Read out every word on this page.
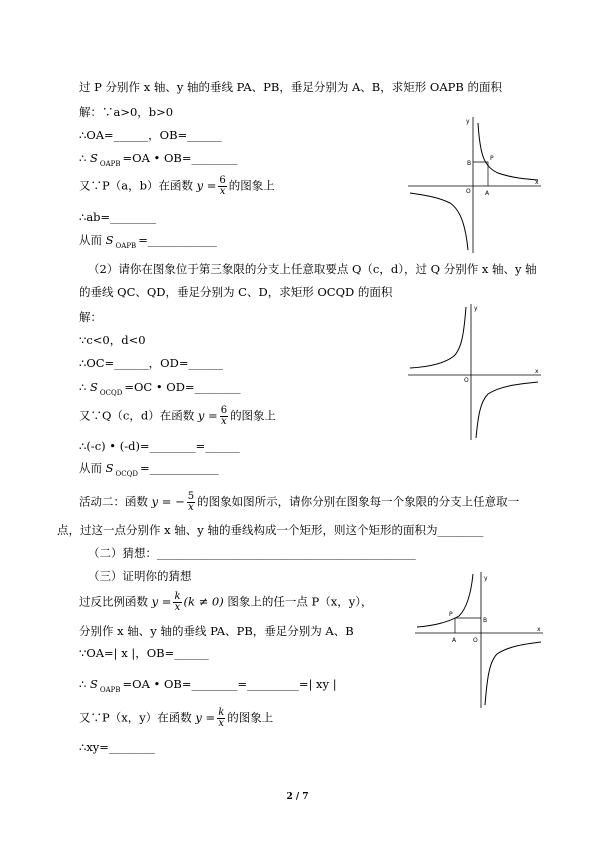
过 P 分别作 x 轴、y 轴的垂线 PA、PB，垂足分别为 A、B，求矩形 OAPB 的面积
解：∵a>0，b>0
∴OA=______，OB=______
∴ S $_{OAPB}$ =OA • OB=________
又∵P（a，b）在函数 $y = \frac{6}{x}$ 的图象上
∴ab=________
从而 S $_{OAPB}$ =____________
y
x
O A
B
P
（2）请你在图象位于第三象限的分支上任意取要点 Q（c，d），过 Q 分别作 x 轴、y 轴
的垂线 QC、QD，垂足分别为 C、D，求矩形 OCQD 的面积
解：
∵c<0，d<0
∴OC=______，OD=______
∴ S $_{OCQD}$ =OC • OD=________
又∵Q（c，d）在函数 $y = \frac{6}{x}$ 的图象上
∴(-c) • (-d)=________=______
从而 S $_{OCQD}$ =____________
y
x
O
活动二：函数 y = − $\frac{5}{x}$ 的图象如图所示，请你分别在图象每一个象限的分支上任意取一
点，过这一点分别作 x 轴、y 轴的垂线构成一个矩形，则这个矩形的面积为________
（二）猜想：_____________________________________________
（三）证明你的猜想
过反比例函数 $y = \frac{k}{x} (k \ne 0)$ 图象上的任一点 P（x，y），
分别作 x 轴、y 轴的垂线 PA、PB，垂足分别为 A、B
∵OA=| x |，OB=______
∴ S $_{OAPB}$ =OA • OB=________=_________=| xy |
又∵P（x，y）在函数 $y = \frac{k}{x}$ 的图象上
∴xy=________
y
x
O
A
B
P
2 / 7
